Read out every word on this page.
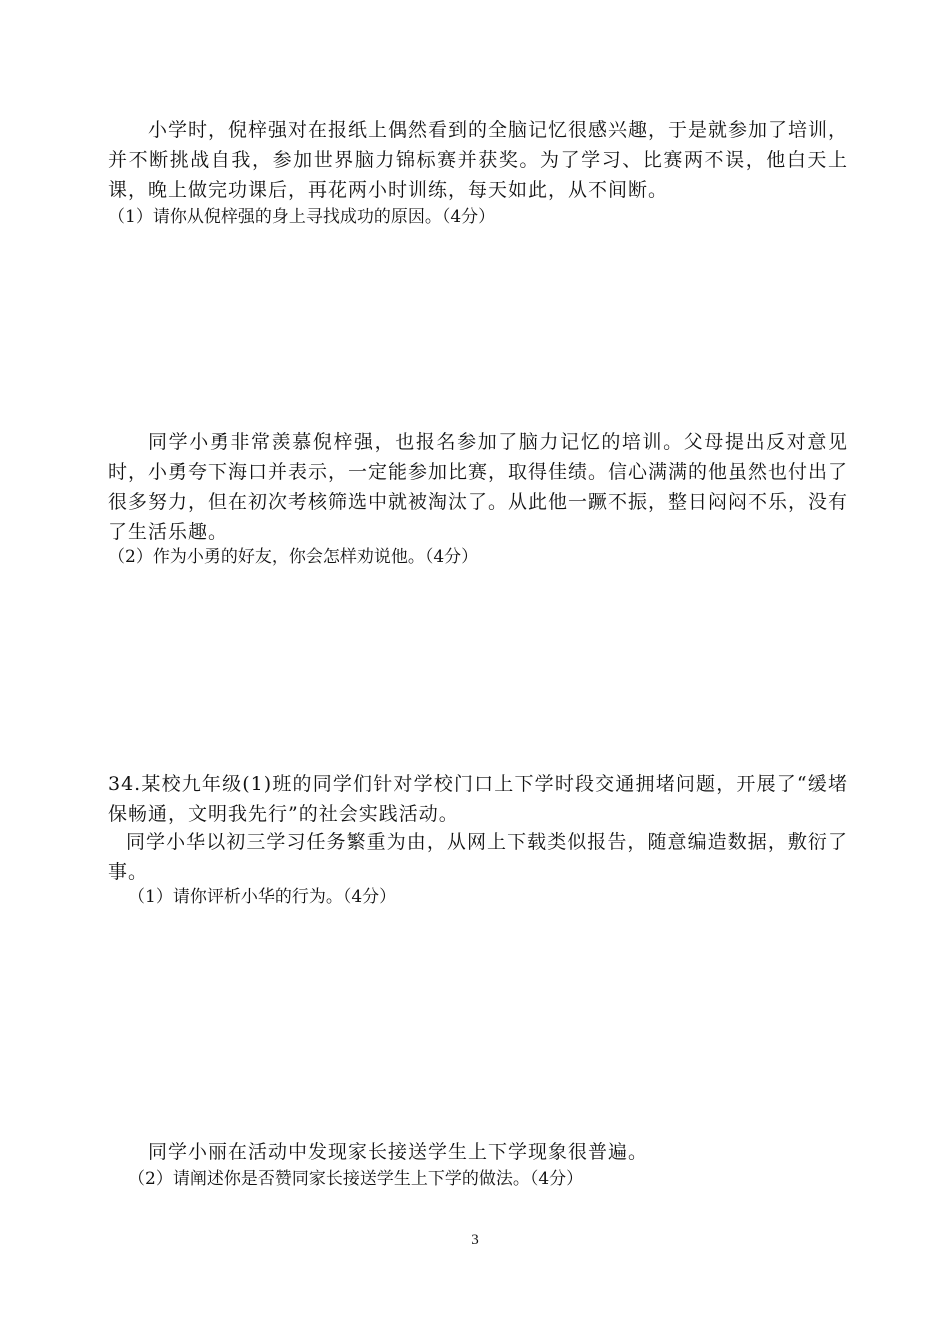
小学时，倪梓强对在报纸上偶然看到的全脑记忆很感兴趣，于是就参加了培训，并不断挑战自我，参加世界脑力锦标赛并获奖。为了学习、比赛两不误，他白天上课，晚上做完功课后，再花两小时训练，每天如此，从不间断。

（1）请你从倪梓强的身上寻找成功的原因。（4分）

同学小勇非常羡慕倪梓强，也报名参加了脑力记忆的培训。父母提出反对意见时，小勇夸下海口并表示，一定能参加比赛，取得佳绩。信心满满的他虽然也付出了很多努力，但在初次考核筛选中就被淘汰了。从此他一蹶不振，整日闷闷不乐，没有了生活乐趣。

（2）作为小勇的好友，你会怎样劝说他。（4分）

34.某校九年级(1)班的同学们针对学校门口上下学时段交通拥堵问题，开展了“缓堵保畅通，文明我先行”的社会实践活动。

同学小华以初三学习任务繁重为由，从网上下载类似报告，随意编造数据，敷衍了事。

（1）请你评析小华的行为。（4分）

同学小丽在活动中发现家长接送学生上下学现象很普遍。

（2）请阐述你是否赞同家长接送学生上下学的做法。（4分）

3
